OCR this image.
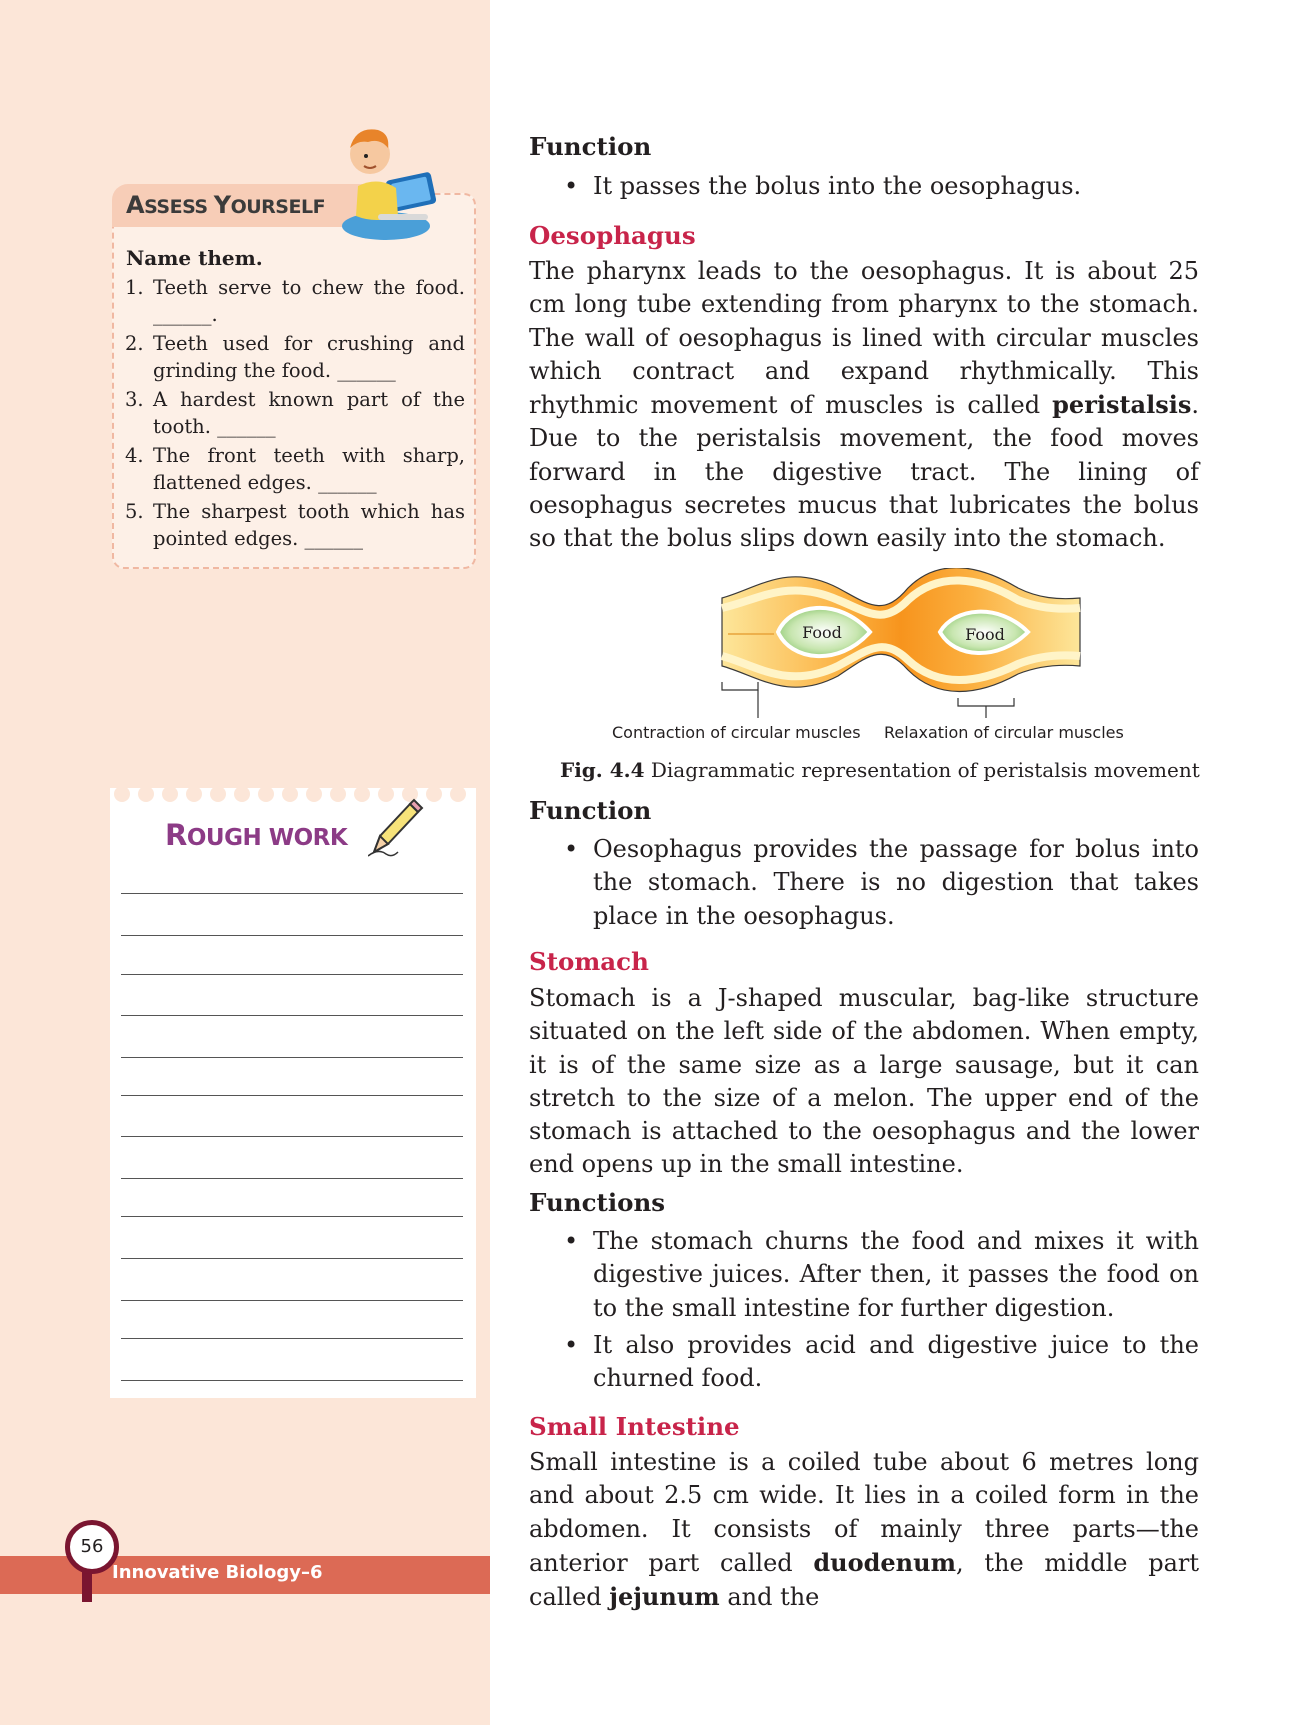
ASSESS YOURSELF
Name them.
1. Teeth serve to chew the food. ______.
2. Teeth used for crushing and grinding the food. ______
3. A hardest known part of the tooth. ______
4. The front teeth with sharp, flattened edges. ______
5. The sharpest tooth which has pointed edges. ______
ROUGH WORK
Innovative Biology–6
56
Function
• It passes the bolus into the oesophagus.
Oesophagus

The pharynx leads to the oesophagus. It is about 25 cm long tube extending from pharynx to the stomach. The wall of oesophagus is lined with circular muscles which contract and expand rhythmically. This rhythmic movement of muscles is called peristalsis. Due to the peristalsis movement, the food moves forward in the digestive tract. The lining of oesophagus secretes mucus that lubricates the bolus so that the bolus slips down easily into the stomach.

Food	Food
Contraction of circular muscles Relaxation of circular muscles
Fig. 4.4 Diagrammatic representation of peristalsis movement
Function
• Oesophagus provides the passage for bolus into the stomach. There is no digestion that takes place in the oesophagus.
Stomach

Stomach is a J-shaped muscular, bag-like structure situated on the left side of the abdomen. When empty, it is of the same size as a large sausage, but it can stretch to the size of a melon. The upper end of the stomach is attached to the oesophagus and the lower end opens up in the small intestine.

Functions
• The stomach churns the food and mixes it with digestive juices. After then, it passes the food on to the small intestine for further digestion.
• It also provides acid and digestive juice to the churned food.
Small Intestine

Small intestine is a coiled tube about 6 metres long and about 2.5 cm wide. It lies in a coiled form in the abdomen. It consists of mainly three parts—the anterior part called duodenum, the middle part called jejunum and the
